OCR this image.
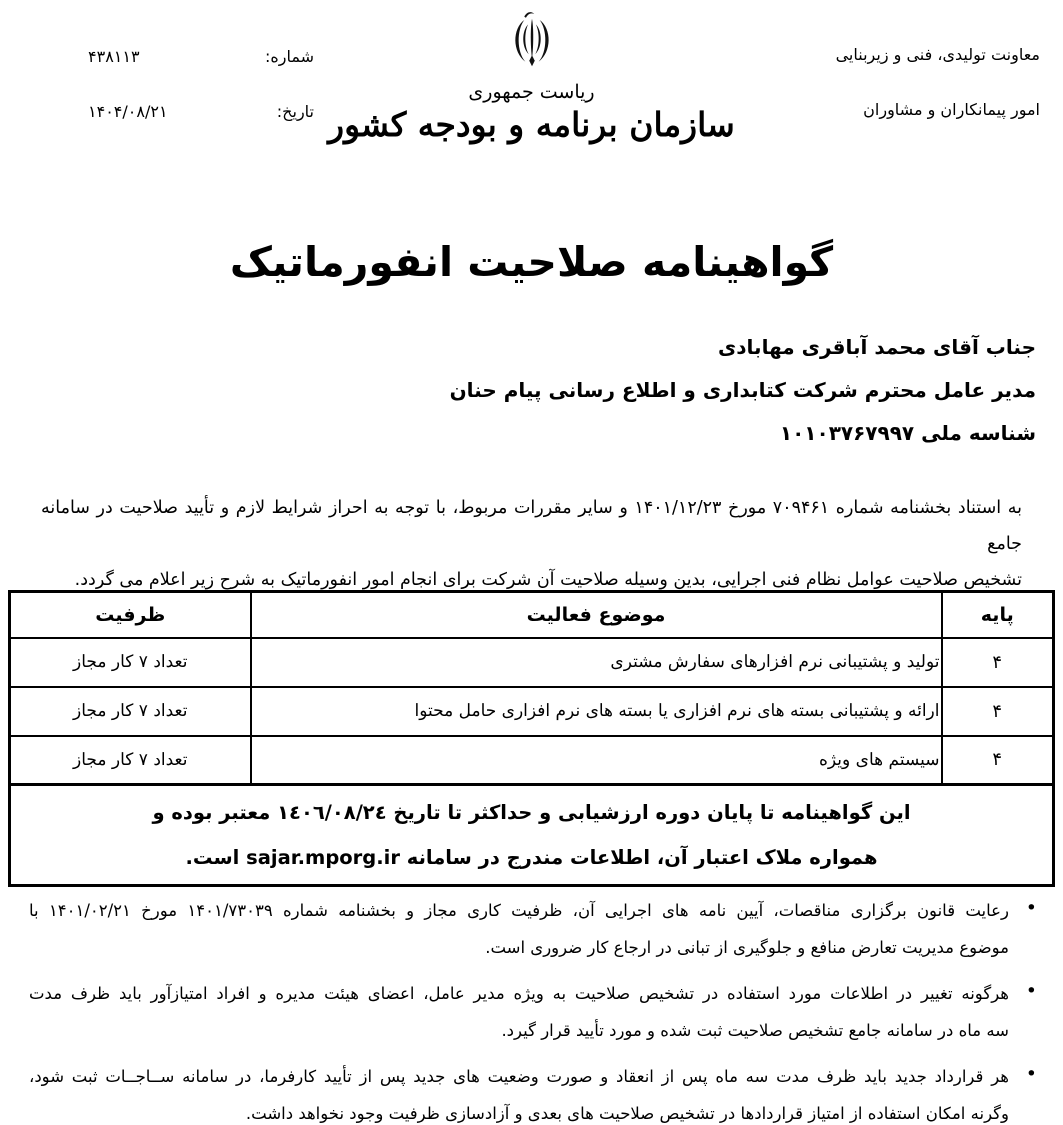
معاونت تولیدی، فنی و زیربنایی
امور پیمانکاران و مشاوران
شماره:
۴۳۸۱۱۳
تاریخ:
۱۴۰۴/۰۸/۲۱
ریاست جمهوری
سازمان برنامه و بودجه کشور
گواهینامه صلاحیت انفورماتیک
جناب آقای محمد آباقری مهابادی
مدیر عامل محترم شرکت کتابداری و اطلاع رسانی پیام حنان
شناسه ملی ۱۰۱۰۳۷۶۷۹۹۷
به استناد بخشنامه شماره ۷۰۹۴۶۱ مورخ ۱۴۰۱/۱۲/۲۳ و سایر مقررات مربوط، با توجه به احراز شرایط لازم و تأیید صلاحیت در سامانه جامع
تشخیص صلاحیت عوامل نظام فنی اجرایی، بدین وسیله صلاحیت آن شرکت برای انجام امور انفورماتیک به شرح زیر اعلام می گردد.
پایه	موضوع فعالیت	ظرفیت
۴	تولید و پشتیبانی نرم افزارهای سفارش مشتری	تعداد ۷ کار مجاز
۴	ارائه و پشتیبانی بسته های نرم افزاری یا بسته های نرم افزاری حامل محتوا	تعداد ۷ کار مجاز
۴	سیستم های ویژه	تعداد ۷ کار مجاز

این گواهینامه تا پایان دوره ارزشیابی و حداکثر تا تاریخ ١٤٠٦/٠٨/٢٤ معتبر بوده و
همواره ملاک اعتبار آن، اطلاعات مندرج در سامانه sajar.mporg.ir است.		
•
رعایت قانون برگزاری مناقصات، آیین نامه های اجرایی آن، ظرفیت کاری مجاز و بخشنامه شماره ۱۴۰۱/۷۳۰۳۹ مورخ ۱۴۰۱/۰۲/۲۱ با
موضوع مدیریت تعارض منافع و جلوگیری از تبانی در ارجاع کار ضروری است.
•
هرگونه تغییر در اطلاعات مورد استفاده در تشخیص صلاحیت به ویژه مدیر عامل، اعضای هیئت مدیره و افراد امتیازآور باید ظرف مدت
سه ماه در سامانه جامع تشخیص صلاحیت ثبت شده و مورد تأیید قرار گیرد.
•
هر قرارداد جدید باید ظرف مدت سه ماه پس از انعقاد و صورت وضعیت های جدید پس از تأیید کارفرما، در سامانه ســاجــات ثبت شود،
وگرنه امکان استفاده از امتیاز قراردادها در تشخیص صلاحیت های بعدی و آزادسازی ظرفیت وجود نخواهد داشت.
